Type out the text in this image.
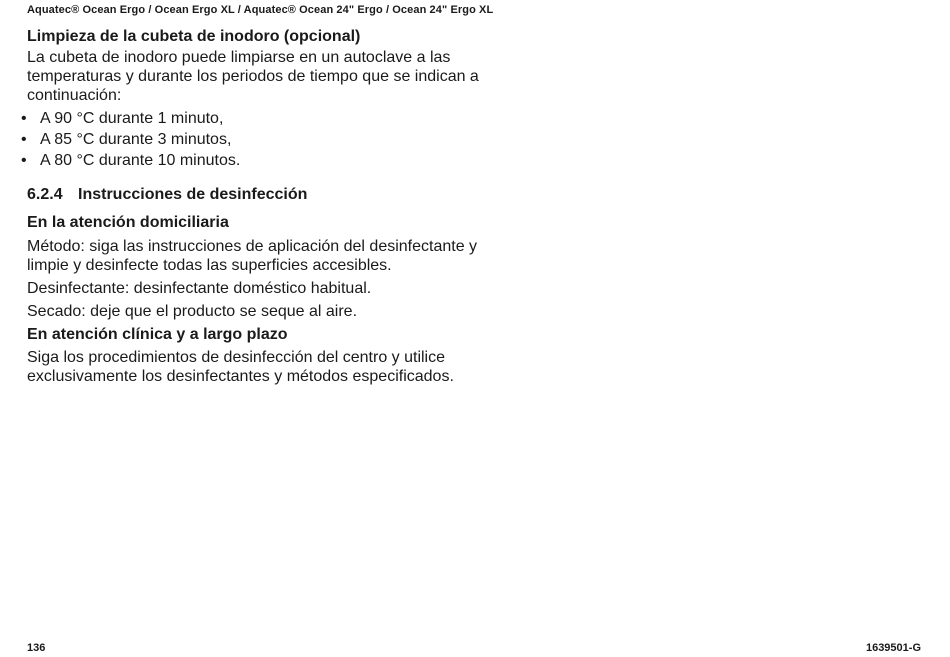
Aquatec® Ocean Ergo / Ocean Ergo XL / Aquatec® Ocean 24" Ergo / Ocean 24" Ergo XL
Limpieza de la cubeta de inodoro (opcional)

La cubeta de inodoro puede limpiarse en un autoclave a las temperaturas y durante los periodos de tiempo que se indican a continuación:

• A 90 °C durante 1 minuto,
• A 85 °C durante 3 minutos,
• A 80 °C durante 10 minutos.
6.2.4 Instrucciones de desinfección
En la atención domiciliaria

Método: siga las instrucciones de aplicación del desinfectante y limpie y desinfecte todas las superficies accesibles.

Desinfectante: desinfectante doméstico habitual.

Secado: deje que el producto se seque al aire.

En atención clínica y a largo plazo

Siga los procedimientos de desinfección del centro y utilice exclusivamente los desinfectantes y métodos especificados.

136	1639501-G
